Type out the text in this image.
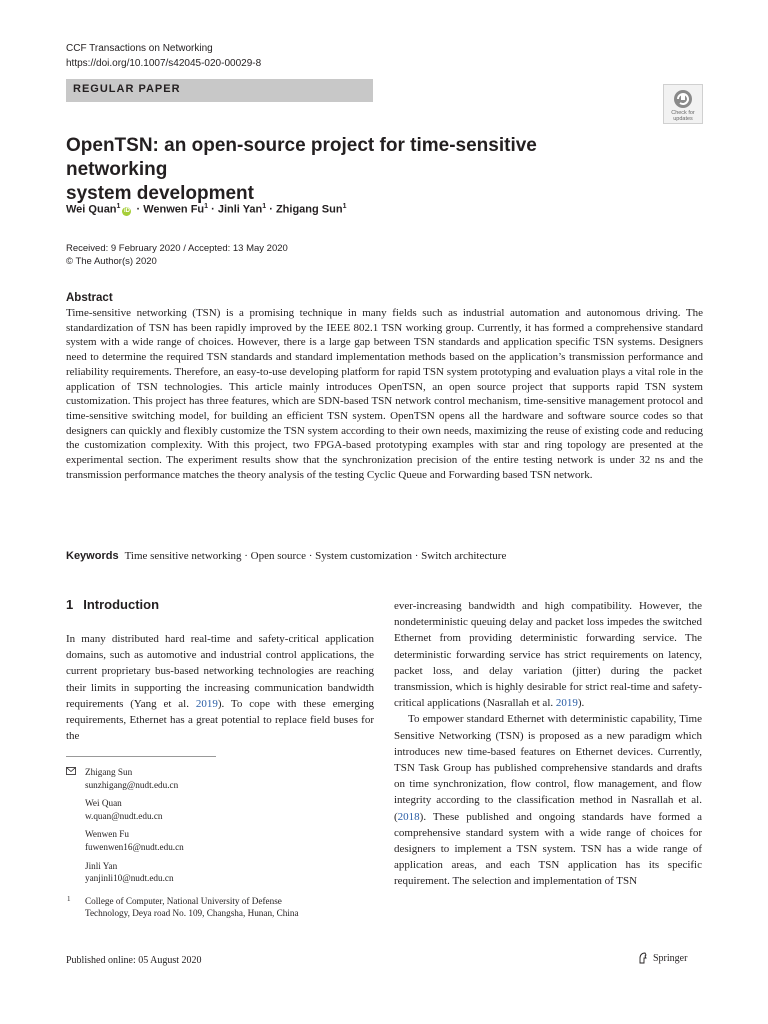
CCF Transactions on Networking
https://doi.org/10.1007/s42045-020-00029-8
REGULAR PAPER
Check for
updates
OpenTSN: an open-source project for time-sensitive networking
system development
Wei Quan$^1$iD · Wenwen $Fu^1$ · Jinli Yan$^1$ · Zhigang Sun$^1$
Received: 9 February 2020 / Accepted: 13 May 2020
© The Author(s) 2020
Abstract
Time-sensitive networking (TSN) is a promising technique in many fields such as industrial automation and autonomous driving. The standardization of TSN has been rapidly improved by the IEEE 802.1 TSN working group. Currently, it has formed a comprehensive standard system with a wide range of choices. However, there is a large gap between TSN standards and application specific TSN systems. Designers need to determine the required TSN standards and standard implementation methods based on the application’s transmission performance and reliability requirements. Therefore, an easy-to-use developing platform for rapid TSN system prototyping and evaluation plays a vital role in the application of TSN technologies. This article mainly introduces OpenTSN, an open source project that supports rapid TSN system customization. This project has three features, which are SDN-based TSN network control mechanism, time-sensitive management protocol and time-sensitive switching model, for building an efficient TSN system. OpenTSN opens all the hardware and software source codes so that designers can quickly and flexibly customize the TSN system according to their own needs, maximizing the reuse of existing code and reducing the customization complexity. With this project, two FPGA-based prototyping examples with star and ring topology are presented at the experimental section. The experiment results show that the synchronization precision of the entire testing network is under 32 ns and the transmission performance matches the theory analysis of the testing Cyclic Queue and Forwarding based TSN network.
Keywords Time sensitive networking · Open source · System customization · Switch architecture
1 Introduction

In many distributed hard real-time and safety-critical application domains, such as automotive and industrial control applications, the current proprietary bus-based networking technologies are reaching their limits in supporting the increasing communication bandwidth requirements (Yang et al. 2019). To cope with these emerging requirements, Ethernet has a great potential to replace field buses for the

Zhigang Sun
sunzhigang@nudt.edu.cn
Wei Quan
w.quan@nudt.edu.cn
Wenwen Fu
fuwenwen16@nudt.edu.cn
Jinli Yan
yanjinli10@nudt.edu.cn
1 College of Computer, National University of Defense
Technology, Deya road No. 109, Changsha, Hunan, China

ever-increasing bandwidth and high compatibility. However, the nondeterministic queuing delay and packet loss impedes the switched Ethernet from providing deterministic forwarding service. The deterministic forwarding service has strict requirements on latency, packet loss, and delay variation (jitter) during the packet transmission, which is highly desirable for strict real-time and safety-critical applications (Nasrallah et al. 2019).

To empower standard Ethernet with deterministic capability, Time Sensitive Networking (TSN) is proposed as a new paradigm which introduces new time-based features on Ethernet devices. Currently, TSN Task Group has published comprehensive standards and drafts on time synchronization, flow control, flow management, and flow integrity according to the classification method in Nasrallah et al. (2018). These published and ongoing standards have formed a comprehensive standard system with a wide range of choices for designers to implement a TSN system. TSN has a wide range of application areas, and each TSN application has its specific requirement. The selection and implementation of TSN

Published online: 05 August 2020	Springer
